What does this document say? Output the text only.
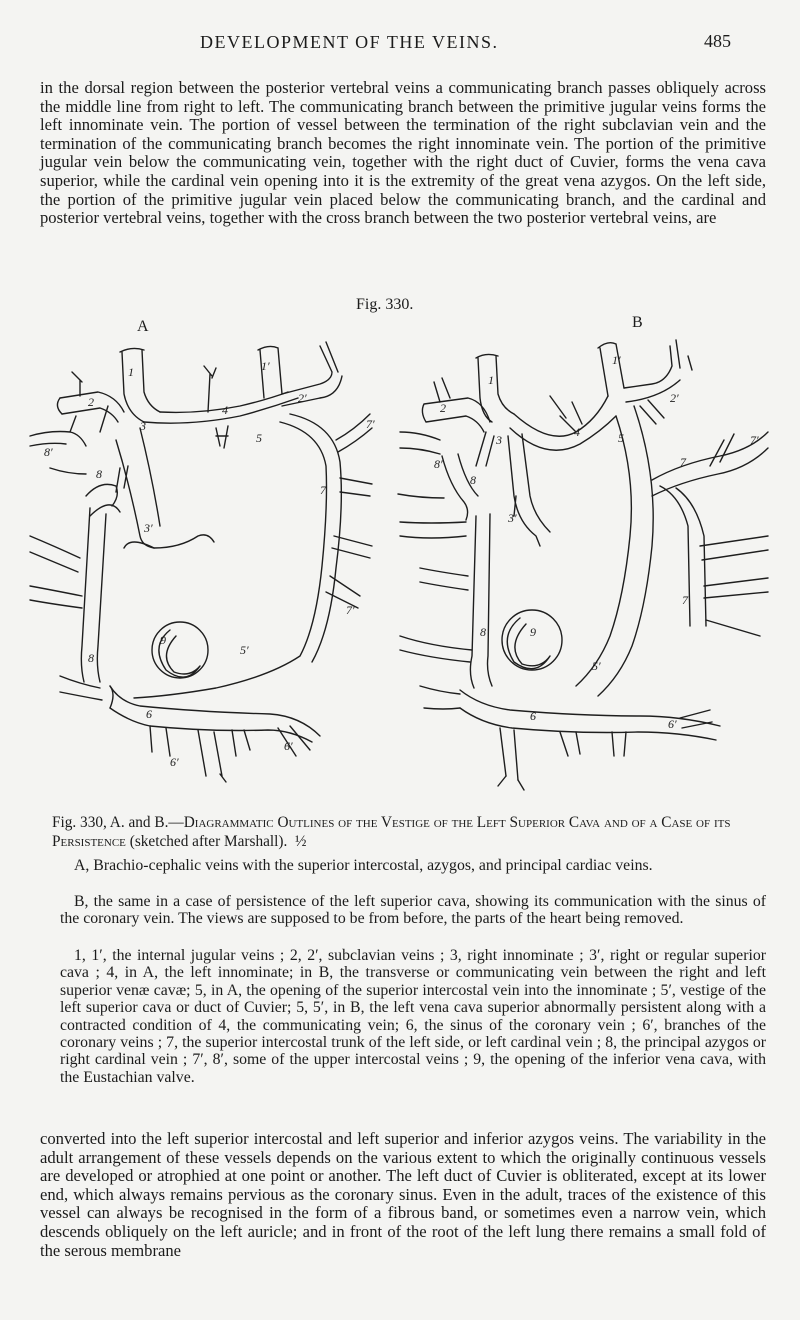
DEVELOPMENT OF THE VEINS.	485

in the dorsal region between the posterior vertebral veins a communicating branch passes obliquely across the middle line from right to left. The communicating branch between the primitive jugular veins forms the left innominate vein. The portion of vessel between the termination of the right subclavian vein and the termination of the communicating branch becomes the right innominate vein. The portion of the primitive jugular vein below the communicating vein, together with the right duct of Cuvier, forms the vena cava superior, while the cardinal vein opening into it is the extremity of the great vena azygos. On the left side, the portion of the primitive jugular vein placed below the communicating branch, and the cardinal and posterior vertebral veins, together with the cross branch between the two posterior vertebral veins, are

Fig. 330.
A	B
1	1′
2	2′
3
3′
4
5
5′
6
6′
6′
7
7′
7′
8
8′
8
9
1
1′
2
2′
3
3′
4	5
5′
6
6′
7
7
7′
8
8′
8	9

Fig. 330, A. and B.—Diagrammatic Outlines of the Vestige of the Left Superior Cava and of a Case of its Persistence (sketched after Marshall). ½

A, Brachio-cephalic veins with the superior intercostal, azygos, and principal cardiac veins.

B, the same in a case of persistence of the left superior cava, showing its communication with the sinus of the coronary vein. The views are supposed to be from before, the parts of the heart being removed.

1, 1′, the internal jugular veins ; 2, 2′, subclavian veins ; 3, right innominate ; 3′, right or regular superior cava ; 4, in A, the left innominate; in B, the transverse or communicating vein between the right and left superior venæ cavæ; 5, in A, the opening of the superior intercostal vein into the innominate ; 5′, vestige of the left superior cava or duct of Cuvier; 5, 5′, in B, the left vena cava superior abnormally persistent along with a contracted condition of 4, the communicating vein; 6, the sinus of the coronary vein ; 6′, branches of the coronary veins ; 7, the superior intercostal trunk of the left side, or left cardinal vein ; 8, the principal azygos or right cardinal vein ; 7′, 8′, some of the upper intercostal veins ; 9, the opening of the inferior vena cava, with the Eustachian valve.

converted into the left superior intercostal and left superior and inferior azygos veins. The variability in the adult arrangement of these vessels depends on the various extent to which the originally continuous vessels are developed or atrophied at one point or another. The left duct of Cuvier is obliterated, except at its lower end, which always remains pervious as the coronary sinus. Even in the adult, traces of the existence of this vessel can always be recognised in the form of a fibrous band, or sometimes even a narrow vein, which descends obliquely on the left auricle; and in front of the root of the left lung there remains a small fold of the serous membrane
